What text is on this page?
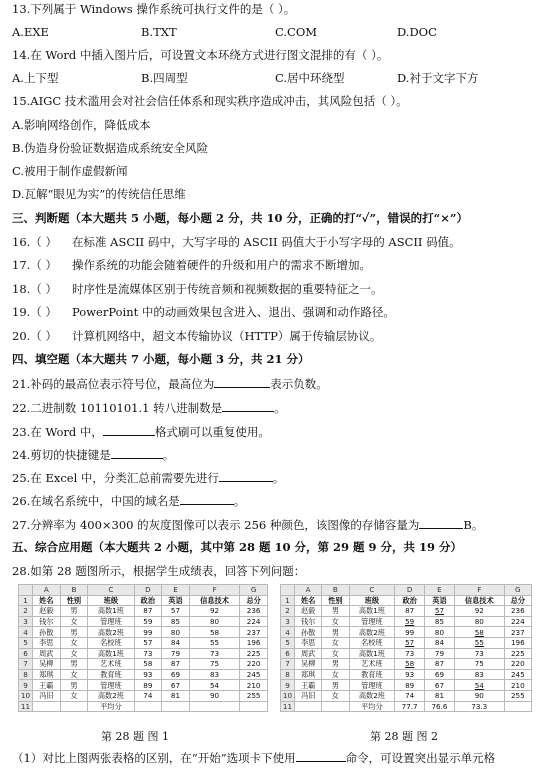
13.下列属于 Windows 操作系统可执行文件的是（ ）。
A.EXE	B.TXT	C.COM	D.DOC
14.在 Word 中插入图片后，可设置文本环绕方式进行图文混排的有（ ）。
A.上下型	B.四周型	C.居中环绕型	D.衬于文字下方
15.AIGC 技术滥用会对社会信任体系和现实秩序造成冲击，其风险包括（ ）。
A.影响网络创作，降低成本
B.伪造身份验证数据造成系统安全风险
C.被用于制作虚假新闻
D.瓦解“眼见为实”的传统信任思维
三、判断题（本大题共 5 小题，每小题 2 分，共 10 分，正确的打“✓”，错误的打“×”）
16.（ ） 在标准 ASCII 码中，大写字母的 ASCII 码值大于小写字母的 ASCII 码值。
17.（ ） 操作系统的功能会随着硬件的升级和用户的需求不断增加。
18.（ ） 时序性是流媒体区别于传统音频和视频数据的重要特征之一。
19.（ ） PowerPoint 中的动画效果包含进入、退出、强调和动作路径。
20.（ ） 计算机网络中，超文本传输协议（HTTP）属于传输层协议。
四、填空题（本大题共 7 小题，每小题 3 分，共 21 分）
21.补码的最高位表示符号位，最高位为	表示负数。
22.二进制数 10110101.1 转八进制数是	。
23.在 Word 中，	格式刷可以重复使用。
24.剪切的快捷键是	。
25.在 Excel 中，分类汇总前需要先进行	。
26.在域名系统中，中国的域名是	。
27.分辨率为 400×300 的灰度图像可以表示 256 种颜色，该图像的存储容量为	B。
五、综合应用题（本大题共 2 小题，其中第 28 题 10 分，第 29 题 9 分，共 19 分）
28.如第 28 题图所示，根据学生成绩表，回答下列问题：
	A	B	C	D	E	F	G
1	姓名	性别	班级	政治	英语	信息技术	总分
2	赵毅	男	高数1班	87	57	92	236
3	钱尔	女	管理班	59	85	80	224
4	孙散	男	高数2班	99	80	58	237
5	李思	女	名校班	57	84	55	196
6	周武	女	高数1班	73	79	73	225
7	吴柳	男	艺术班	58	87	75	220
8	郑琪	女	教育班	93	69	83	245
9	王霸	男	管理班	89	67	54	210
10	冯旧	女	高数2班	74	81	90	255
11			平均分				
	A	B	C	D	E	F	G
1	姓名	性别	班级	政治	英语	信息技术	总分
2	赵毅	男	高数1班	87	57	92	236
3	钱尔	女	管理班	59	85	80	224
4	孙散	男	高数2班	99	80	58	237
5	李思	女	名校班	57	84	55	196
6	周武	女	高数1班	73	79	73	225
7	吴柳	男	艺术班	58	87	75	220
8	郑琪	女	教育班	93	69	83	245
9	王霸	男	管理班	89	67	54	210
10	冯旧	女	高数2班	74	81	90	255
11			平均分	77.7	76.6	73.3	
第 28 题 图 1	第 28 题 图 2
（1）对比上图两张表格的区别，在“开始”选项卡下使用	命令，可设置突出显示单元格
